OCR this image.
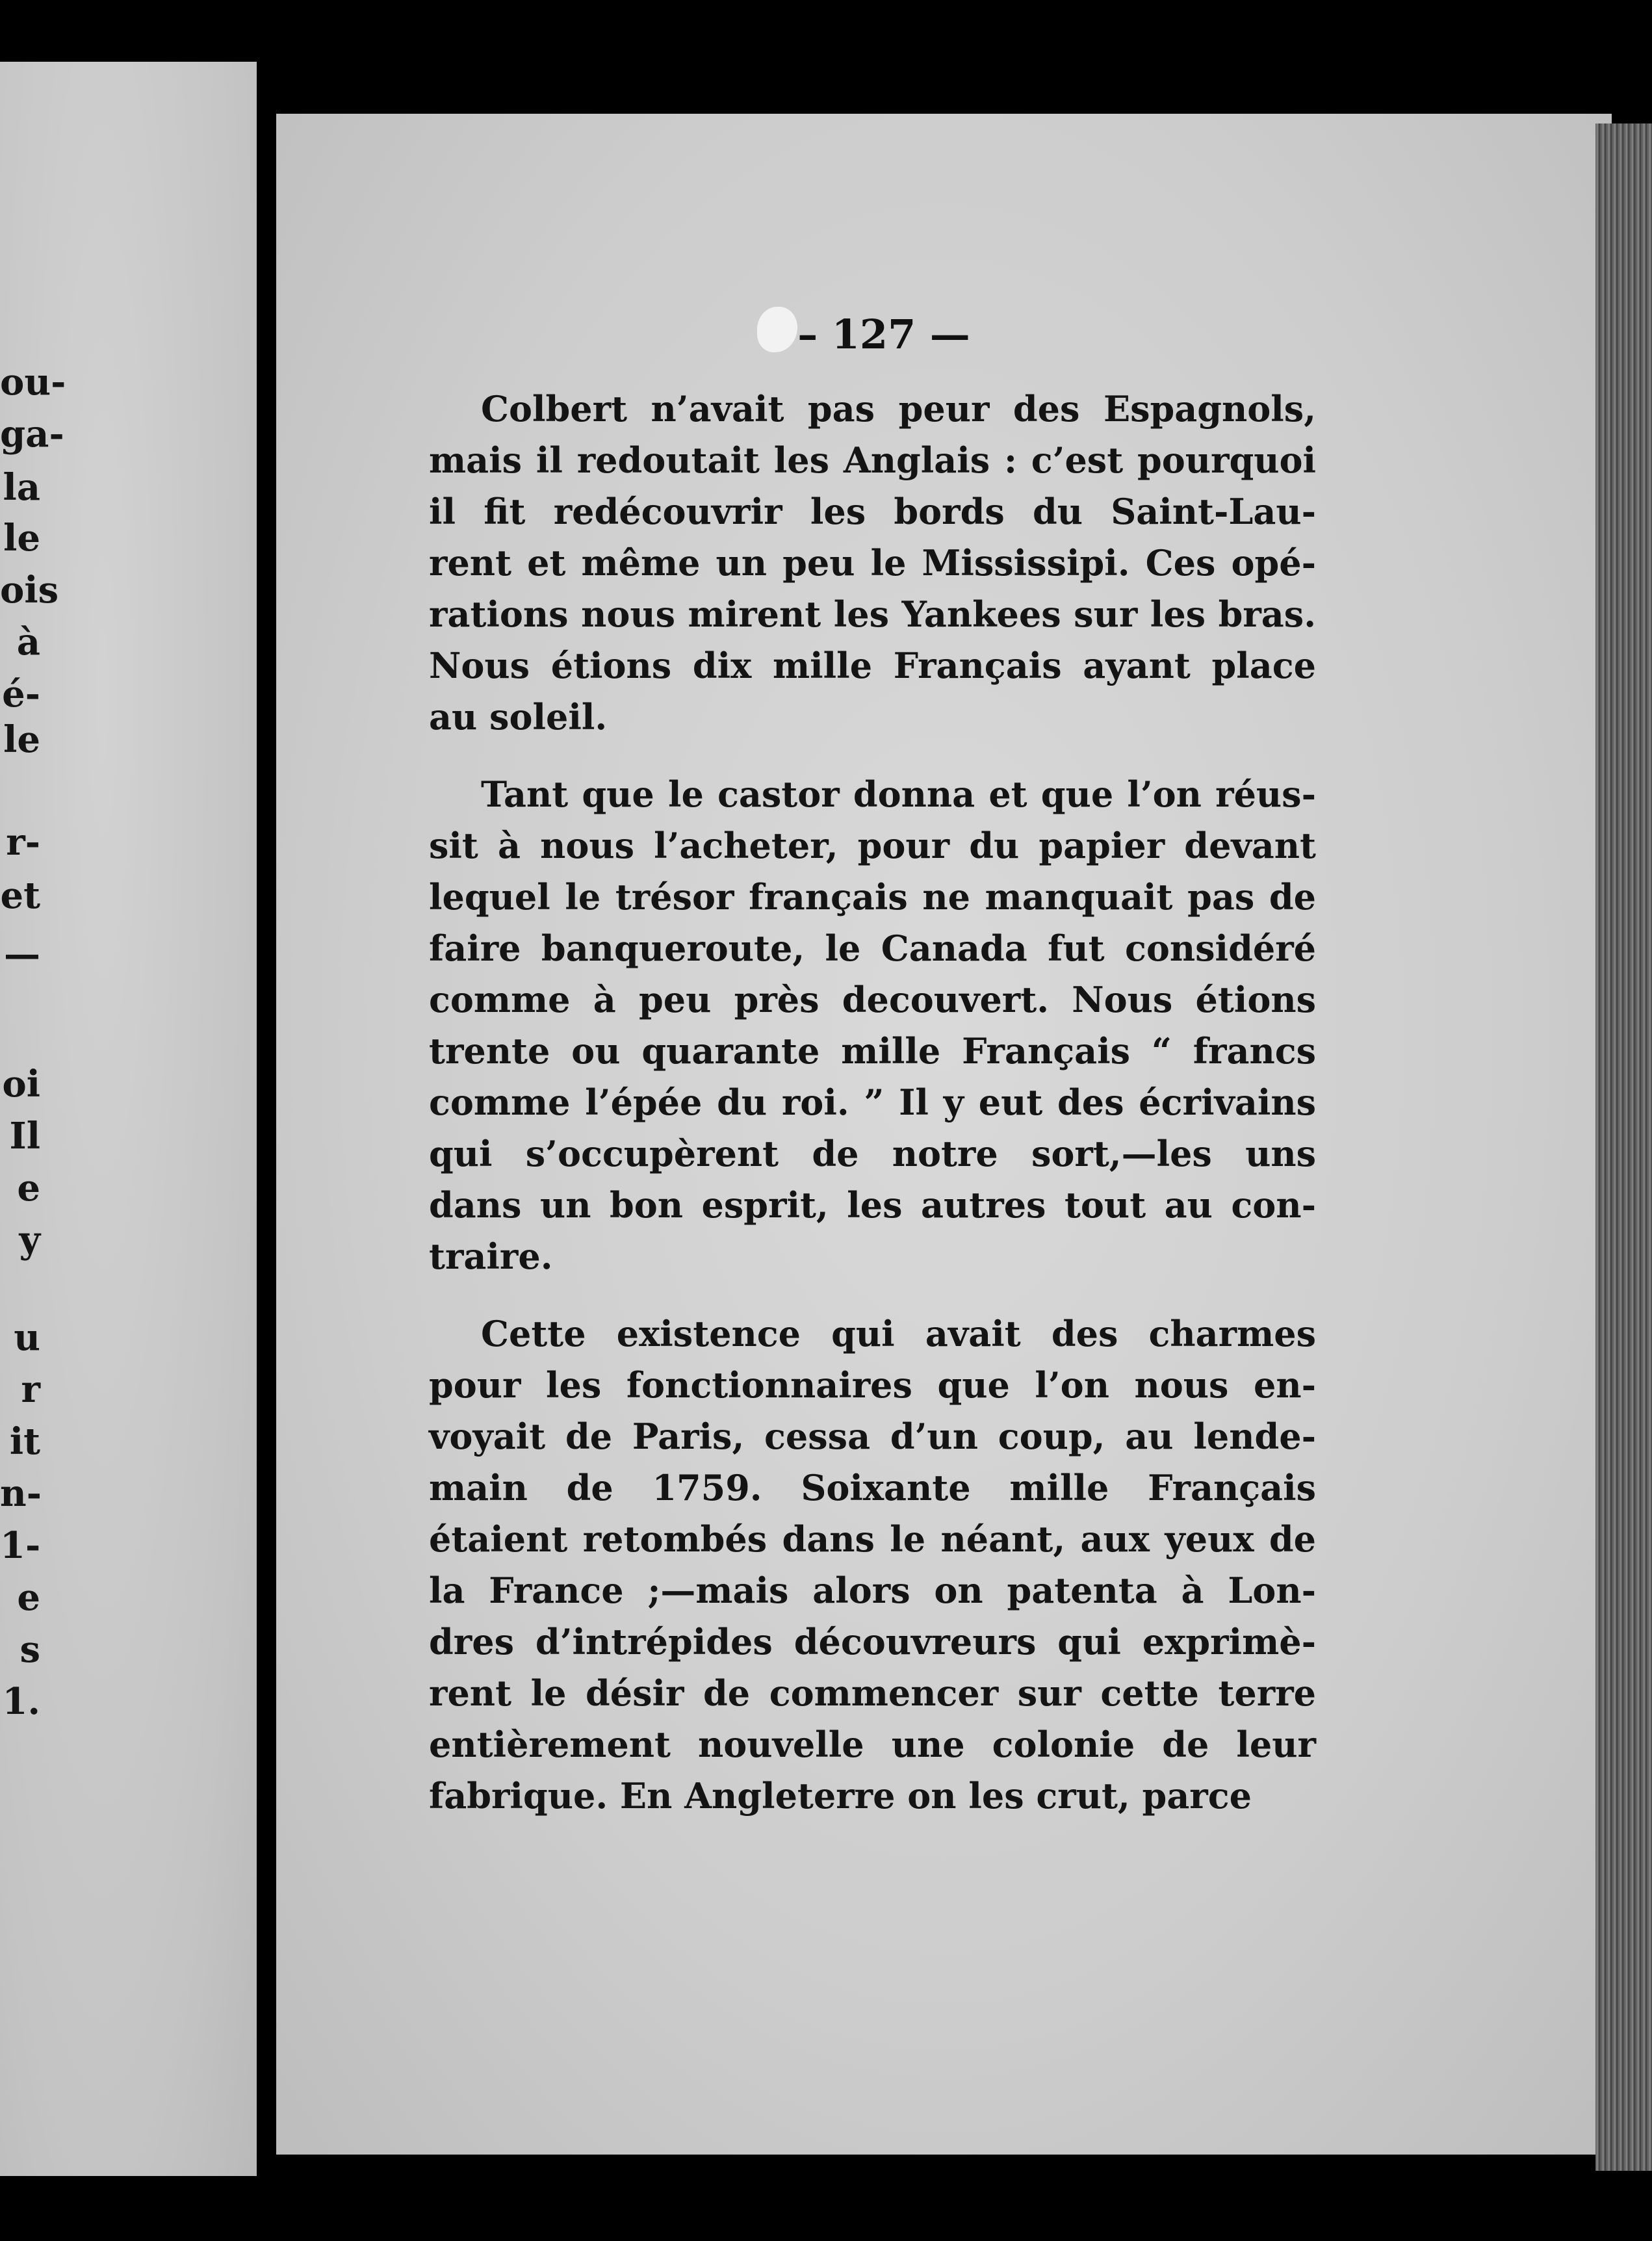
ou-
ga-
la
le
ois
à
é-
le
r-
et
—
oi
Il
e
y
u
r
it
n-
1-
e
s
1.
– 127 —
Colbert n’avait pas peur des Espagnols,
mais il redoutait les Anglais : c’est pourquoi
il fit redécouvrir les bords du Saint-Lau-
rent et même un peu le Mississipi. Ces opé-
rations nous mirent les Yankees sur les bras.
Nous étions dix mille Français ayant place
au soleil.
Tant que le castor donna et que l’on réus-
sit à nous l’acheter, pour du papier devant
lequel le trésor français ne manquait pas de
faire banqueroute, le Canada fut considéré
comme à peu près decouvert. Nous étions
trente ou quarante mille Français “ francs
comme l’épée du roi. ” Il y eut des écrivains
qui s’occupèrent de notre sort,—les uns
dans un bon esprit, les autres tout au con-
traire.
Cette existence qui avait des charmes
pour les fonctionnaires que l’on nous en-
voyait de Paris, cessa d’un coup, au lende-
main de 1759. Soixante mille Français
étaient retombés dans le néant, aux yeux de
la France ;—mais alors on patenta à Lon-
dres d’intrépides découvreurs qui exprimè-
rent le désir de commencer sur cette terre
entièrement nouvelle une colonie de leur
fabrique. En Angleterre on les crut, parce
